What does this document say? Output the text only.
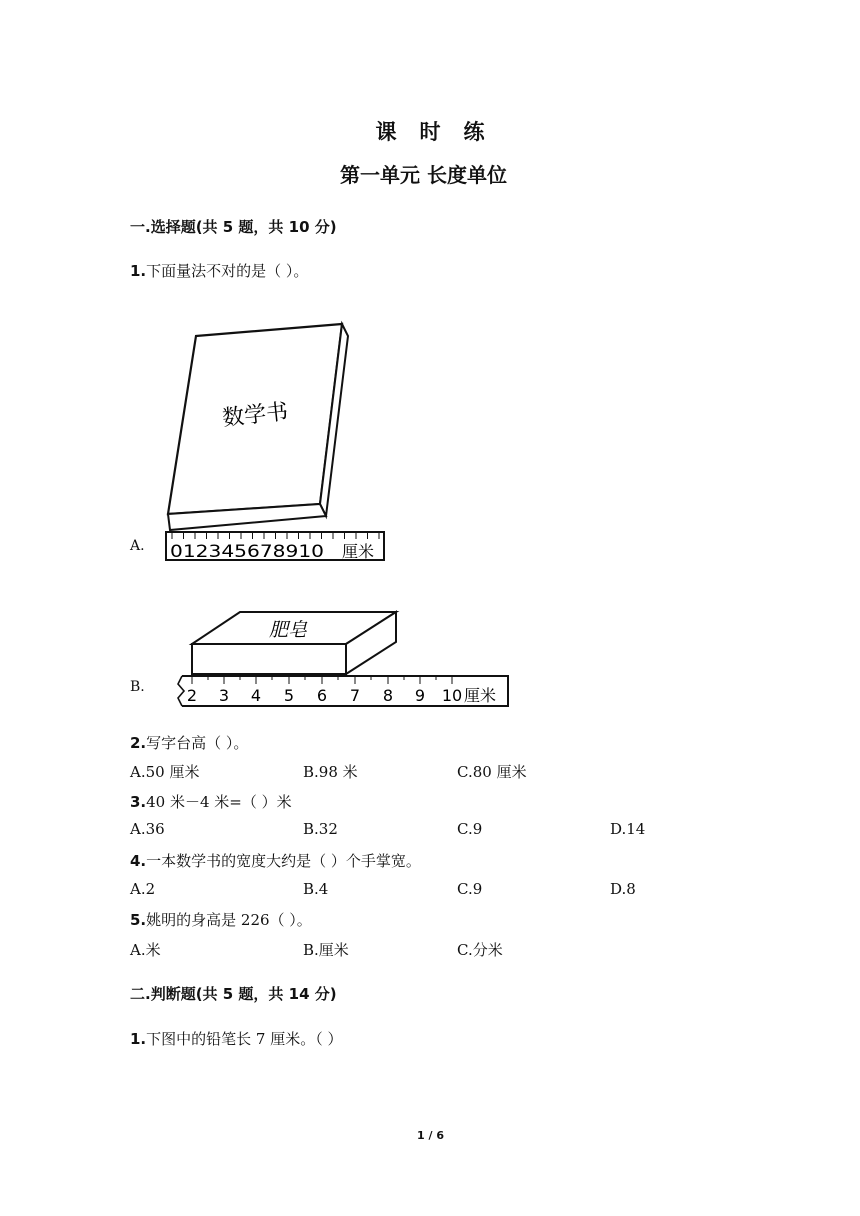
课 时 练
第一单元 长度单位
一.选择题(共 5 题，共 10 分)
1.下面量法不对的是（ ）。
A.
数学书
012345678910 厘米
B.
肥皂
2 3 4 5 6 7 8 9 10 厘米
2.写字台高（ ）。
A.50 厘米	B.98 米	C.80 厘米
3.40 米－4 米=（ ）米
A.36	B.32	C.9	D.14
4.一本数学书的宽度大约是（ ）个手掌宽。
A.2	B.4	C.9	D.8
5.姚明的身高是 226（ ）。
A.米	B.厘米	C.分米
二.判断题(共 5 题，共 14 分)
1.下图中的铅笔长 7 厘米。（ ）
1 / 6
